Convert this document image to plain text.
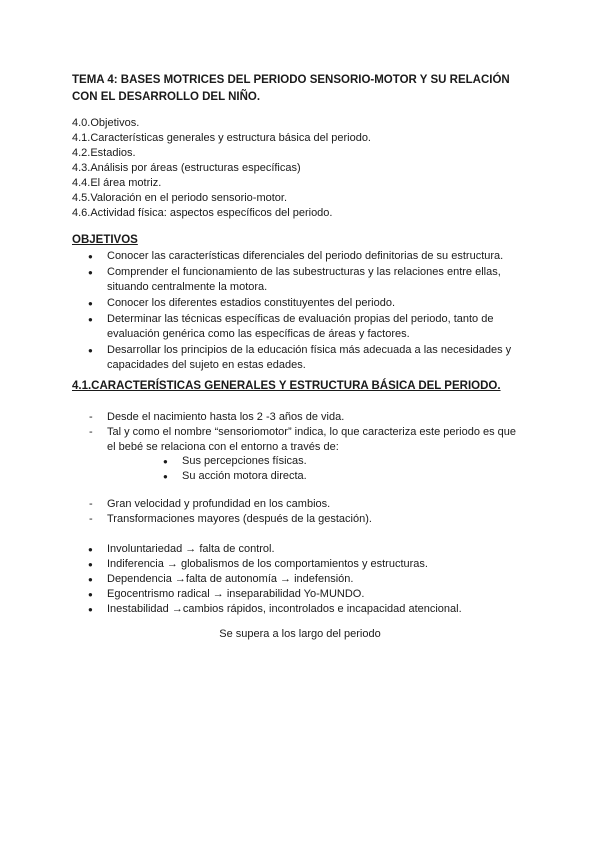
TEMA 4: BASES MOTRICES DEL PERIODO SENSORIO-MOTOR Y SU RELACIÓN CON EL DESARROLLO DEL NIÑO.
4.0.Objetivos.
4.1.Características generales y estructura básica del periodo.
4.2.Estadios.
4.3.Análisis por áreas (estructuras específicas)
4.4.El área motriz.
4.5.Valoración en el periodo sensorio-motor.
4.6.Actividad física: aspectos específicos del periodo.
OBJETIVOS
● Conocer las características diferenciales del periodo definitorias de su estructura.
● Comprender el funcionamiento de las subestructuras y las relaciones entre ellas, situando centralmente la motora.
● Conocer los diferentes estadios constituyentes del periodo.
● Determinar las técnicas específicas de evaluación propias del periodo, tanto de evaluación genérica como las específicas de áreas y factores.
● Desarrollar los principios de la educación física más adecuada a las necesidades y capacidades del sujeto en estas edades.
4.1.CARACTERÍSTICAS GENERALES Y ESTRUCTURA BÁSICA DEL PERIODO.
- Desde el nacimiento hasta los 2 -3 años de vida.
- Tal y como el nombre “sensoriomotor” indica, lo que caracteriza este periodo es que el bebé se relaciona con el entorno a través de:
● Sus percepciones físicas.
● Su acción motora directa.
- Gran velocidad y profundidad en los cambios.
- Transformaciones mayores (después de la gestación).
● Involuntariedad → falta de control.
● Indiferencia → globalismos de los comportamientos y estructuras.
● Dependencia →falta de autonomía → indefensión.
● Egocentrismo radical → inseparabilidad Yo-MUNDO.
● Inestabilidad →cambios rápidos, incontrolados e incapacidad atencional.
Se supera a los largo del periodo
